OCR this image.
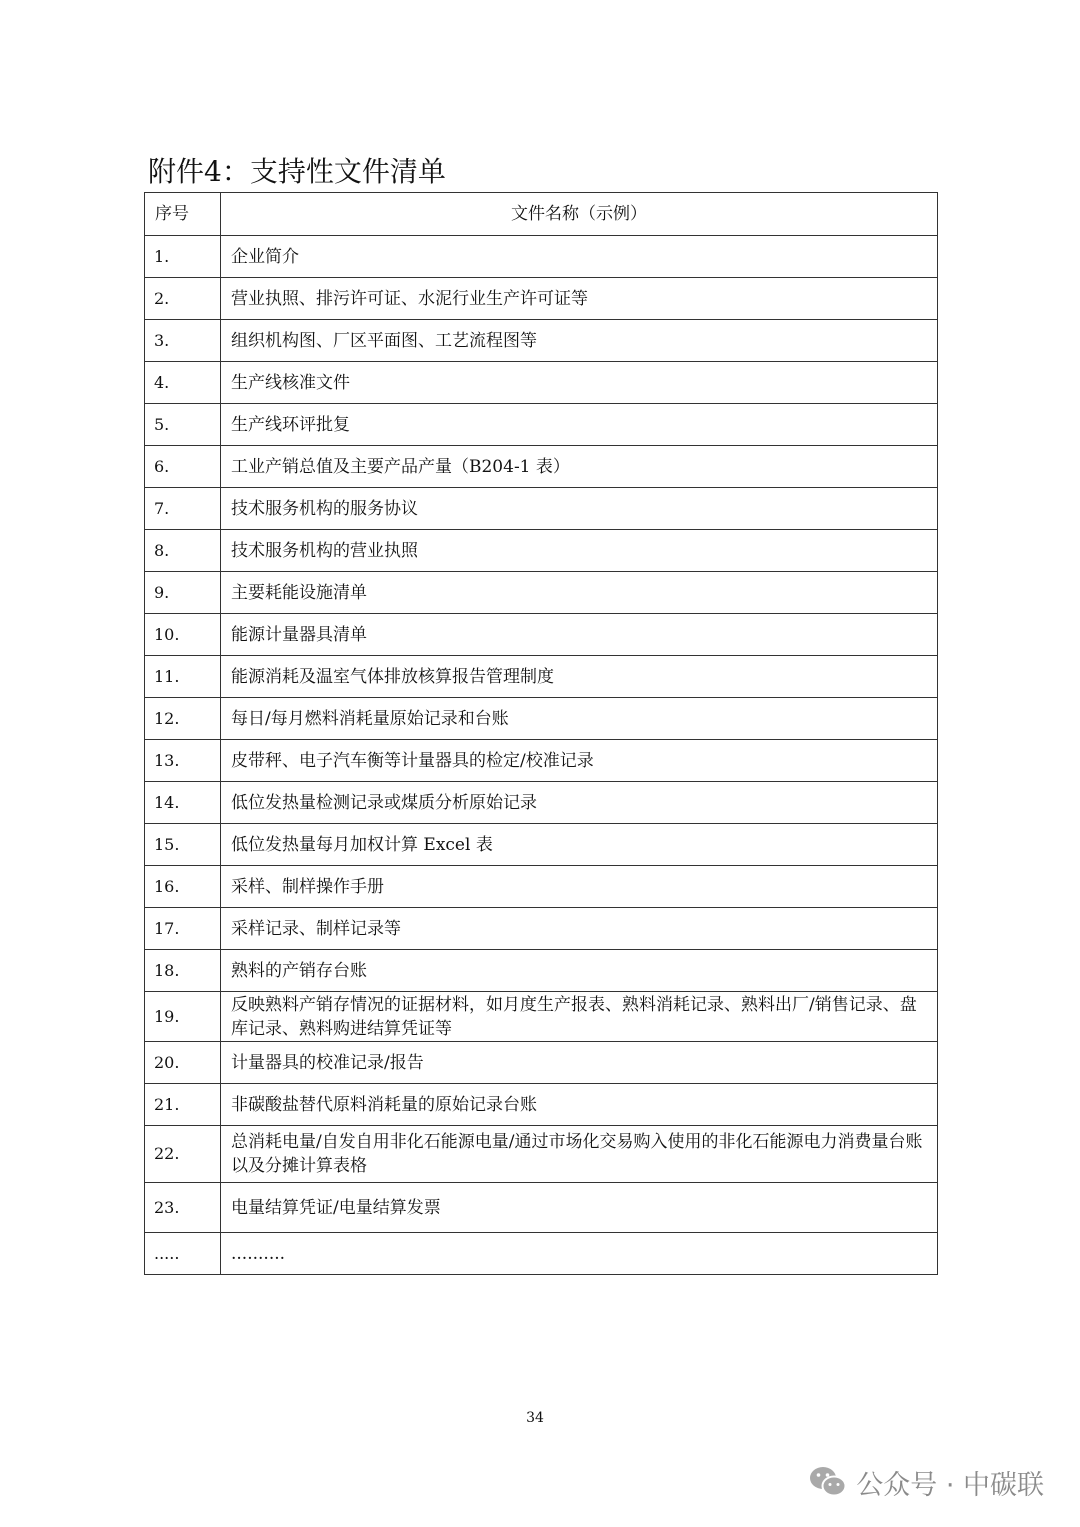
附件4：支持性文件清单
序号	文件名称（示例）
1.	企业简介
2.	营业执照、排污许可证、水泥行业生产许可证等
3.	组织机构图、厂区平面图、工艺流程图等
4.	生产线核准文件
5.	生产线环评批复
6.	工业产销总值及主要产品产量（B204-1 表）
7.	技术服务机构的服务协议
8.	技术服务机构的营业执照
9.	主要耗能设施清单
10.	能源计量器具清单
11.	能源消耗及温室气体排放核算报告管理制度
12.	每日/每月燃料消耗量原始记录和台账
13.	皮带秤、电子汽车衡等计量器具的检定/校准记录
14.	低位发热量检测记录或煤质分析原始记录
15.	低位发热量每月加权计算 Excel 表
16.	采样、制样操作手册
17.	采样记录、制样记录等
18.	熟料的产销存台账
19.	反映熟料产销存情况的证据材料，如月度生产报表、熟料消耗记录、熟料出厂/销售记录、盘库记录、熟料购进结算凭证等
20.	计量器具的校准记录/报告
21.	非碳酸盐替代原料消耗量的原始记录台账
22.	总消耗电量/自发自用非化石能源电量/通过市场化交易购入使用的非化石能源电力消费量台账以及分摊计算表格
23.	电量结算凭证/电量结算发票
.....	..........
34
公众号 · 中碳联
